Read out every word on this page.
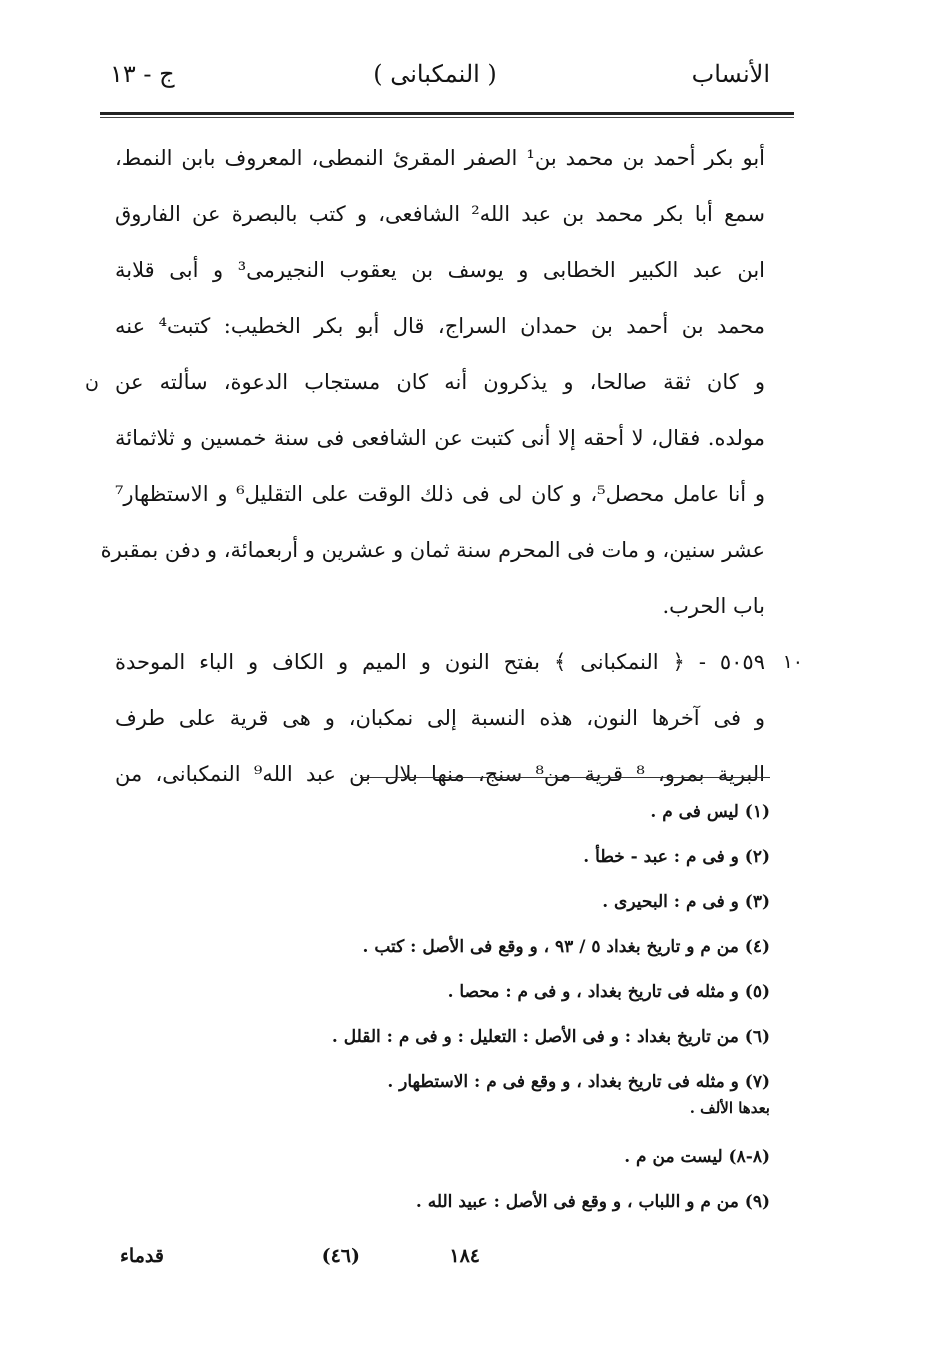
الأنساب
( النمكبانى )
ج - ١٣
أبو بكر أحمد بن محمد بن¹ الصفر المقرئ النمطى، المعروف بابن النمط،
سمع أبا بكر محمد بن عبد الله² الشافعى، و كتب بالبصرة عن الفاروق
ابن عبد الكبير الخطابى و يوسف بن يعقوب النجيرمى³ و أبى قلابة
محمد بن أحمد بن حمدان السراج، قال أبو بكر الخطيب: كتبت⁴ عنه
ن و كان ثقة صالحا، و يذكرون أنه كان مستجاب الدعوة، سألته عن
مولده. فقال، لا أحقه إلا أنى كتبت عن الشافعى فى سنة خمسين و ثلاثمائة
و أنا عامل محصل⁵، و كان لى فى ذلك الوقت على التقليل⁶ و الاستظهار⁷
عشر سنين، و مات فى المحرم سنة ثمان و عشرين و أربعمائة، و دفن بمقبرة
باب الحرب.
١٠
٥٠٥٩ - ﴿ النمكبانى ﴾ بفتح النون و الميم و الكاف و الباء الموحدة
و فى آخرها النون، هذه النسبة إلى نمكبان، و هى قرية على طرف
البرية بمرو، ⁸ قرية من⁸ سنج، منها بلال بن عبد الله⁹ النمكبانى، من
(١) ليس فى م .
(٢) و فى م : عبد - خطأ .
(٣) و فى م : البحيرى .
(٤) من م و تاريخ بغداد ٥ / ٩٣ ، و وقع فى الأصل : كتب .
(٥) و مثله فى تاريخ بغداد ، و فى م : محصا .
(٦) من تاريخ بغداد : و فى الأصل : التعليل : و فى م : القلل .
(٧) و مثله فى تاريخ بغداد ، و وقع فى م : الاستطهار .
بعدها الألف .
(٨-٨) ليست من م .
(٩) من م و اللباب ، و وقع فى الأصل : عبيد الله .
١٨٤
(٤٦)
قدماء
